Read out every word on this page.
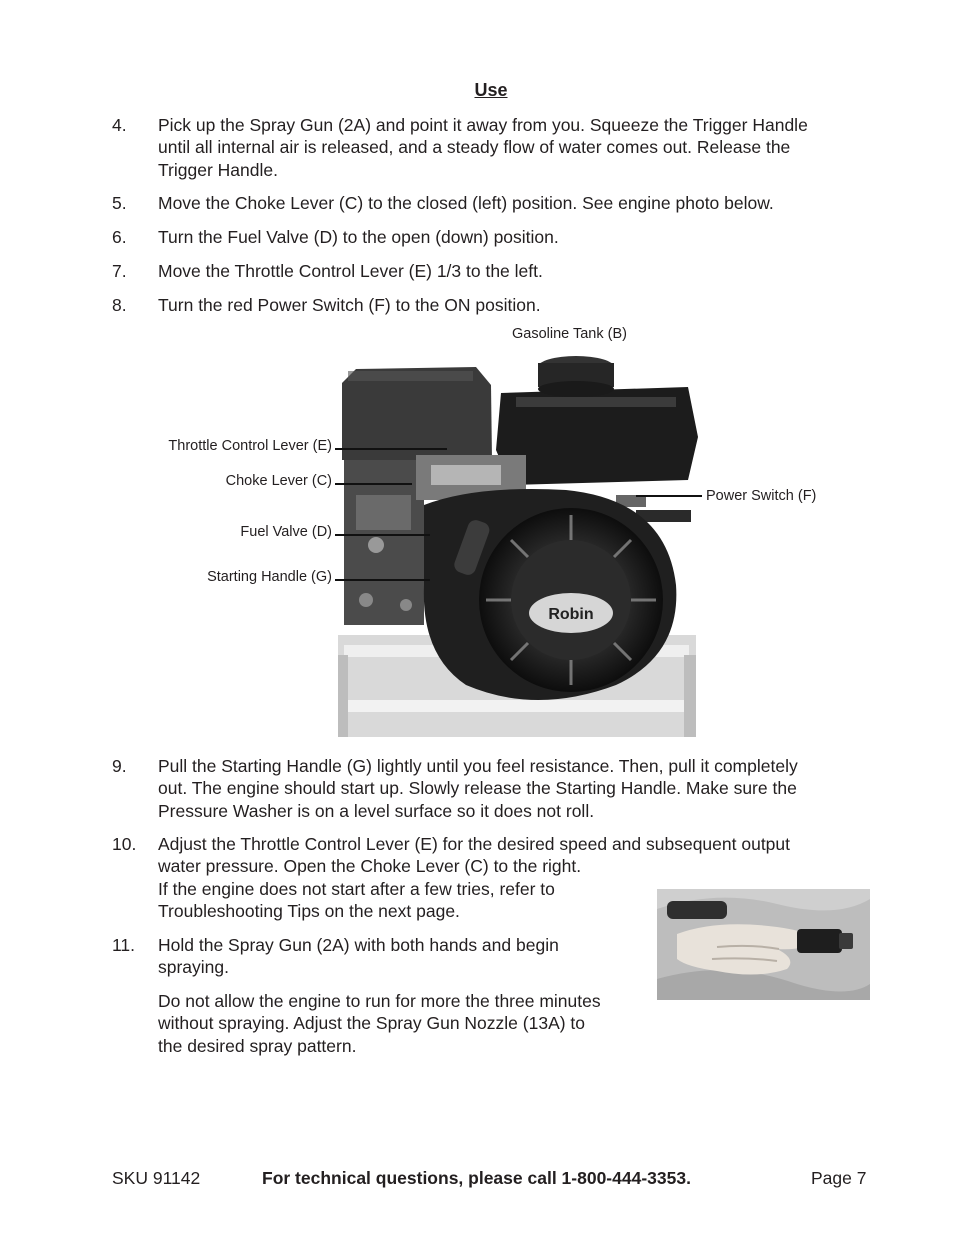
Use
4. Pick up the Spray Gun (2A) and point it away from you. Squeeze the Trigger Handle
until all internal air is released, and a steady flow of water comes out. Release the
Trigger Handle.
5. Move the Choke Lever (C) to the closed (left) position. See engine photo below.
6. Turn the Fuel Valve (D) to the open (down) position.
7. Move the Throttle Control Lever (E) 1/3 to the left.
8. Turn the red Power Switch (F) to the ON position.
Robin
Gasoline Tank (B)
Throttle Control Lever (E)
Choke Lever (C)
Fuel Valve (D)
Starting Handle (G)
Power Switch (F)
9. Pull the Starting Handle (G) lightly until you feel resistance. Then, pull it completely
out. The engine should start up. Slowly release the Starting Handle. Make sure the
Pressure Washer is on a level surface so it does not roll.
10. Adjust the Throttle Control Lever (E) for the desired speed and subsequent output
water pressure. Open the Choke Lever (C) to the right.
If the engine does not start after a few tries, refer to
Troubleshooting Tips on the next page.
11. Hold the Spray Gun (2A) with both hands and begin
spraying.
Do not allow the engine to run for more the three minutes
without spraying. Adjust the Spray Gun Nozzle (13A) to
the desired spray pattern.
SKU 91142	For technical questions, please call 1-800-444-3353.	Page 7
